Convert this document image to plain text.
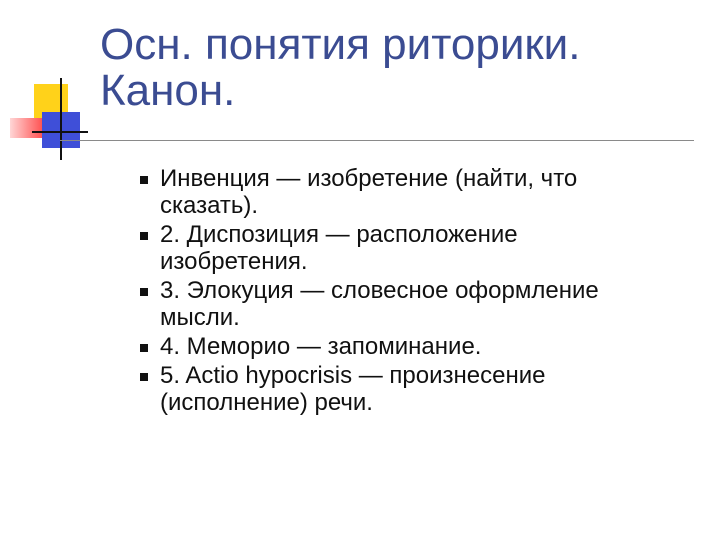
Осн. понятия риторики.
Канон.
Инвенция — изобретение (найти, что сказать).
2. Диспозиция — расположение изобретения.
3. Элокуция — словесное оформление мысли.
4. Меморио — запоминание.
5. Actio hypocrisis — произнесение (исполнение) речи.
